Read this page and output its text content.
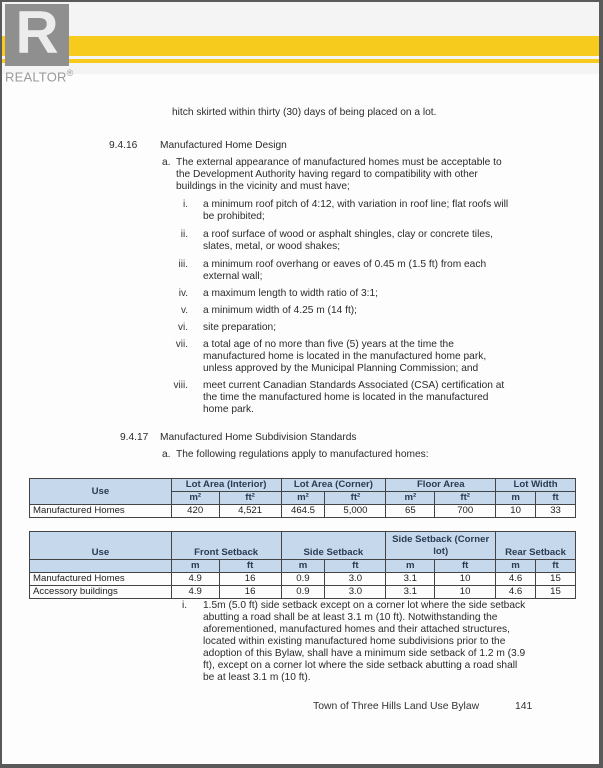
hitch skirted within thirty (30) days of being placed on a lot.
9.4.16 Manufactured Home Design
a. The external appearance of manufactured homes must be acceptable to
the Development Authority having regard to compatibility with other
buildings in the vicinity and must have;
i. a minimum roof pitch of 4:12, with variation in roof line; flat roofs will
be prohibited;
ii. a roof surface of wood or asphalt shingles, clay or concrete tiles,
slates, metal, or wood shakes;
iii. a minimum roof overhang or eaves of 0.45 m (1.5 ft) from each
external wall;
iv. a maximum length to width ratio of 3:1;
v. a minimum width of 4.25 m (14 ft);
vi. site preparation;
vii. a total age of no more than five (5) years at the time the
manufactured home is located in the manufactured home park,
unless approved by the Municipal Planning Commission; and
viii. meet current Canadian Standards Associated (CSA) certification at
the time the manufactured home is located in the manufactured
home park.
9.4.17 Manufactured Home Subdivision Standards
a. The following regulations apply to manufactured homes:
Use	Lot Area (Interior)		Lot Area (Corner)		Floor Area		Lot Width	
	m²	ft²	m²	ft²	m²	ft²	m	ft
Manufactured Homes	420	4,521	464.5	5,000	65	700	10	33
Use	Front Setback		Side Setback		Side Setback (Corner lot)		Rear Setback	
	m	ft	m	ft	m	ft	m	ft
Manufactured Homes	4.9	16	0.9	3.0	3.1	10	4.6	15
Accessory buildings	4.9	16	0.9	3.0	3.1	10	4.6	15
i. 1.5m (5.0 ft) side setback except on a corner lot where the side setback
abutting a road shall be at least 3.1 m (10 ft). Notwithstanding the
aforementioned, manufactured homes and their attached structures,
located within existing manufactured home subdivisions prior to the
adoption of this Bylaw, shall have a minimum side setback of 1.2 m (3.9
ft), except on a corner lot where the side setback abutting a road shall
be at least 3.1 m (10 ft).
Town of Three Hills Land Use Bylaw	141
R
REALTOR®
